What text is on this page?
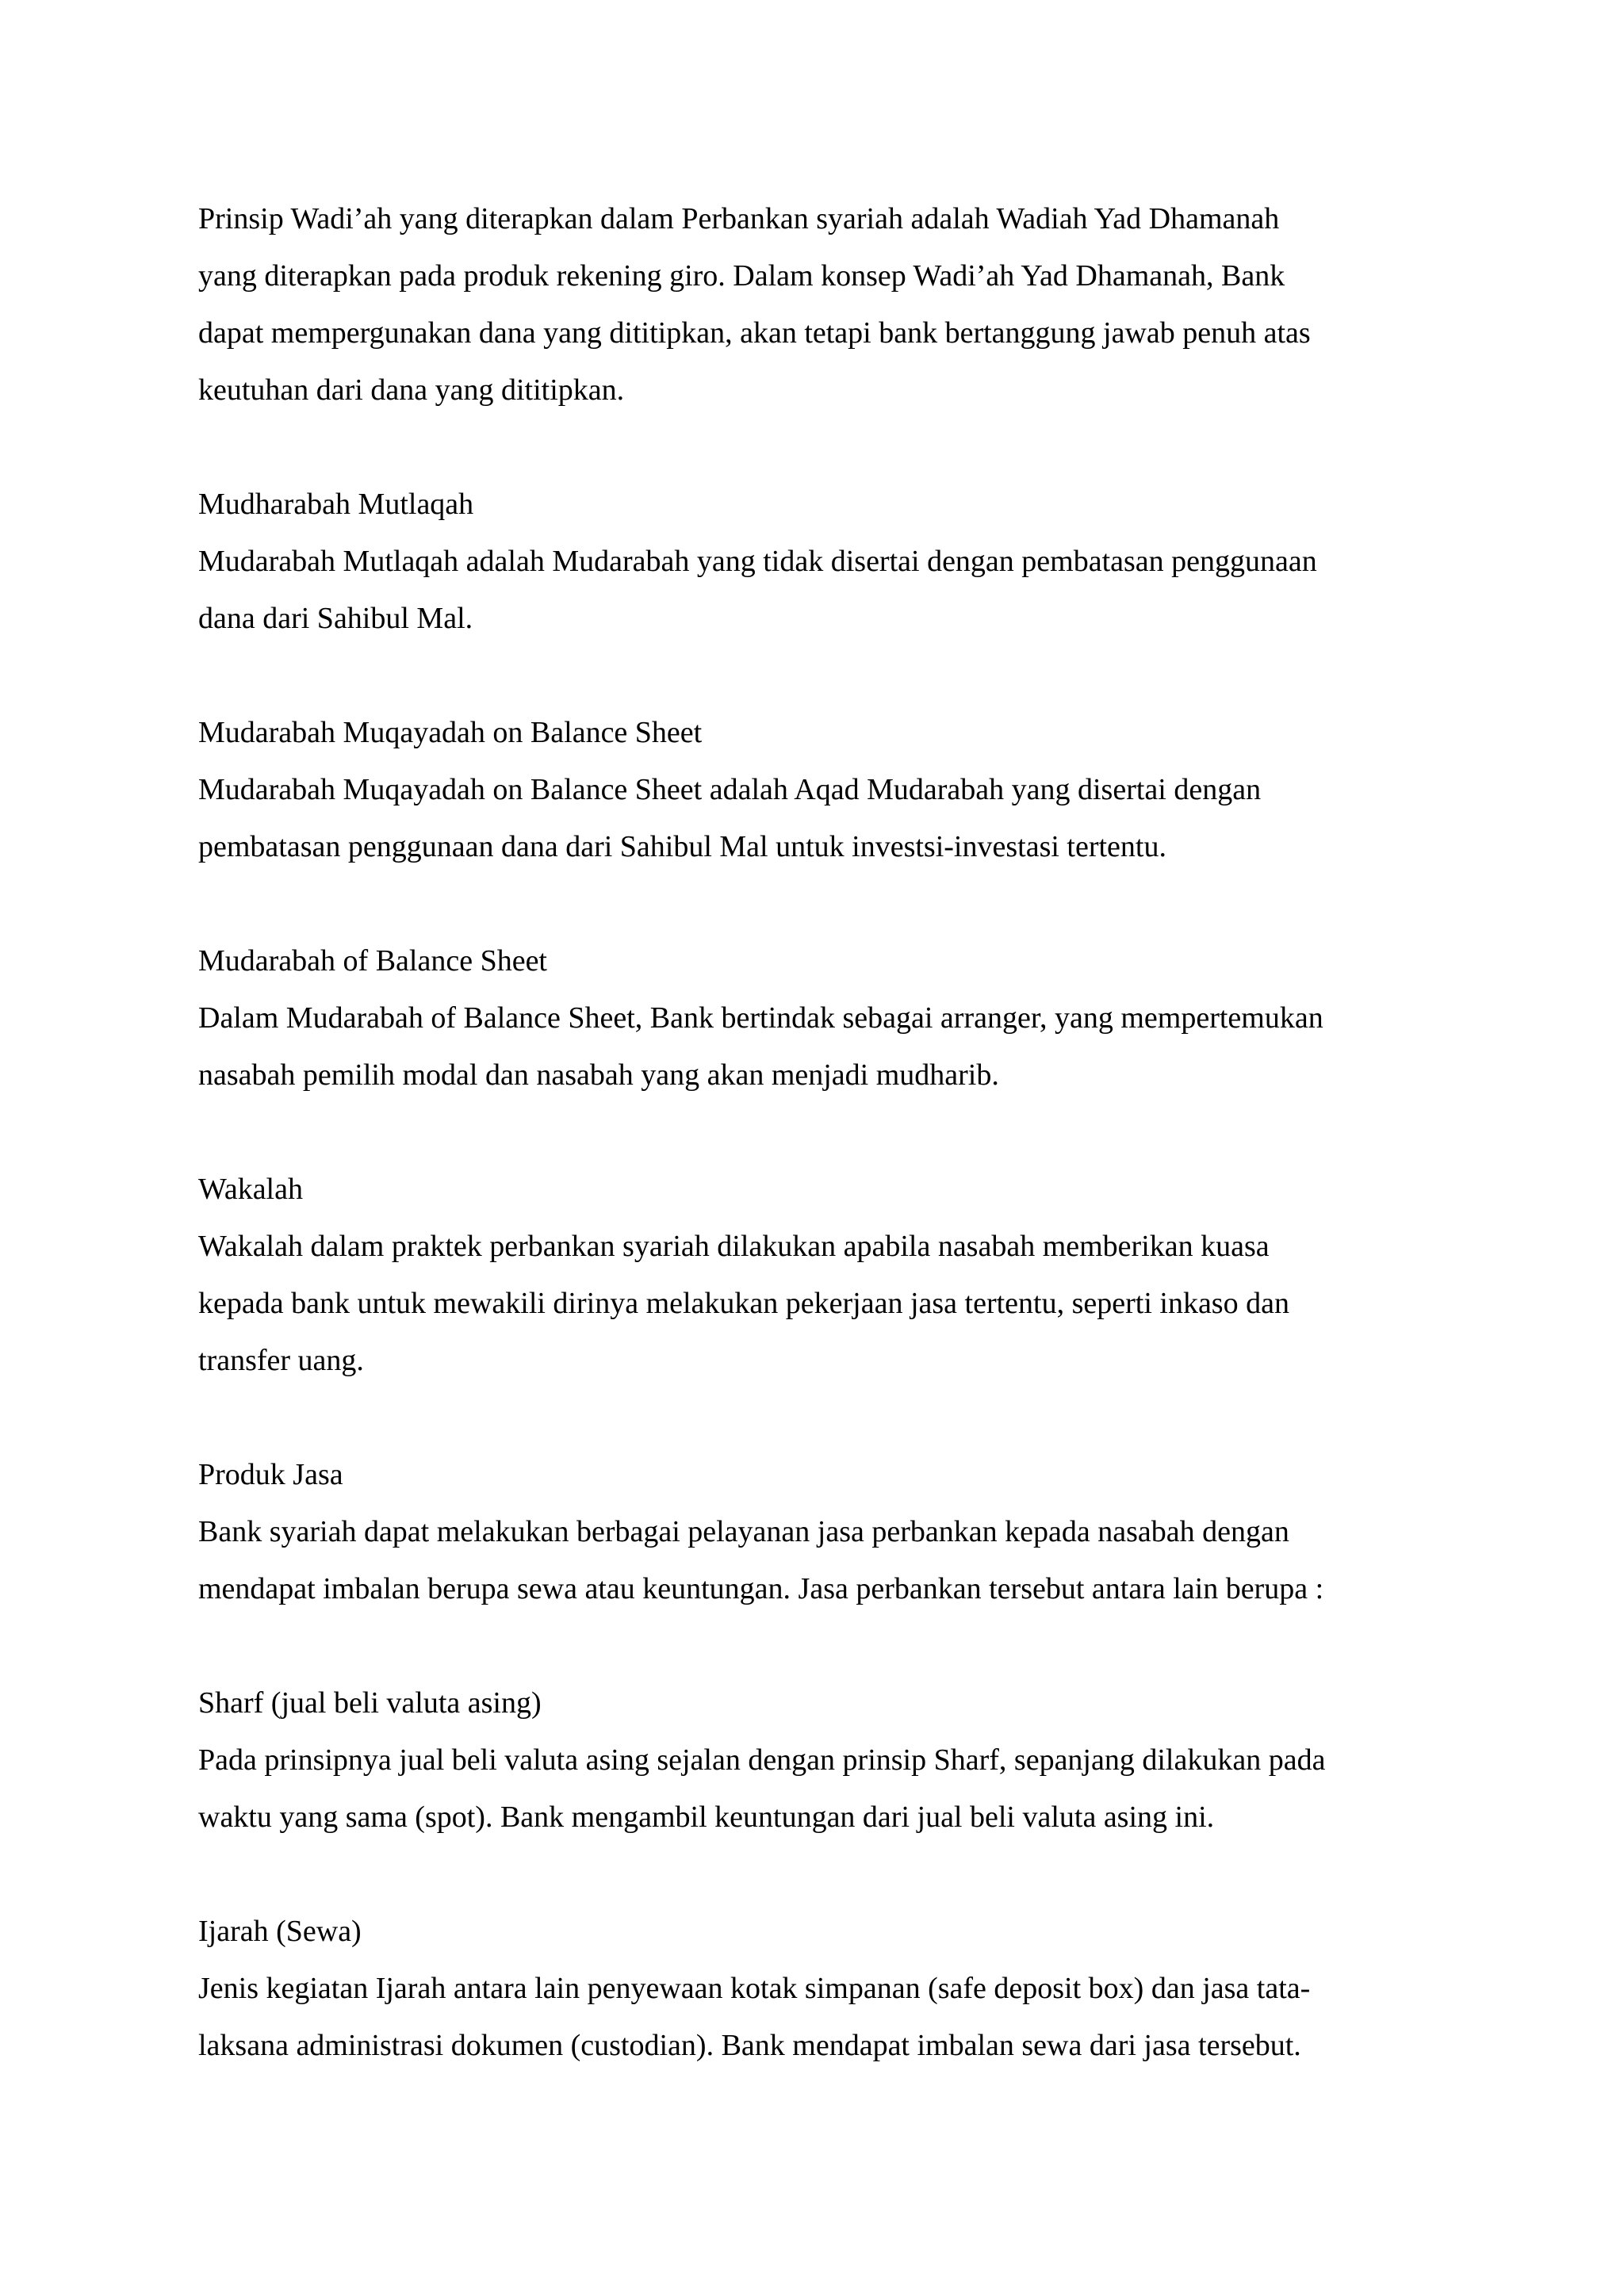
Prinsip Wadi’ah yang diterapkan dalam Perbankan syariah adalah Wadiah Yad Dhamanah
yang diterapkan pada produk rekening giro. Dalam konsep Wadi’ah Yad Dhamanah, Bank
dapat mempergunakan dana yang dititipkan, akan tetapi bank bertanggung jawab penuh atas
keutuhan dari dana yang dititipkan.

Mudharabah Mutlaqah

Mudarabah Mutlaqah adalah Mudarabah yang tidak disertai dengan pembatasan penggunaan
dana dari Sahibul Mal.

Mudarabah Muqayadah on Balance Sheet

Mudarabah Muqayadah on Balance Sheet adalah Aqad Mudarabah yang disertai dengan
pembatasan penggunaan dana dari Sahibul Mal untuk investsi-investasi tertentu.

Mudarabah of Balance Sheet

Dalam Mudarabah of Balance Sheet, Bank bertindak sebagai arranger, yang mempertemukan
nasabah pemilih modal dan nasabah yang akan menjadi mudharib.

Wakalah

Wakalah dalam praktek perbankan syariah dilakukan apabila nasabah memberikan kuasa
kepada bank untuk mewakili dirinya melakukan pekerjaan jasa tertentu, seperti inkaso dan
transfer uang.

Produk Jasa

Bank syariah dapat melakukan berbagai pelayanan jasa perbankan kepada nasabah dengan
mendapat imbalan berupa sewa atau keuntungan. Jasa perbankan tersebut antara lain berupa :

Sharf (jual beli valuta asing)

Pada prinsipnya jual beli valuta asing sejalan dengan prinsip Sharf, sepanjang dilakukan pada
waktu yang sama (spot). Bank mengambil keuntungan dari jual beli valuta asing ini.

Ijarah (Sewa)

Jenis kegiatan Ijarah antara lain penyewaan kotak simpanan (safe deposit box) dan jasa tata-
laksana administrasi dokumen (custodian). Bank mendapat imbalan sewa dari jasa tersebut.
